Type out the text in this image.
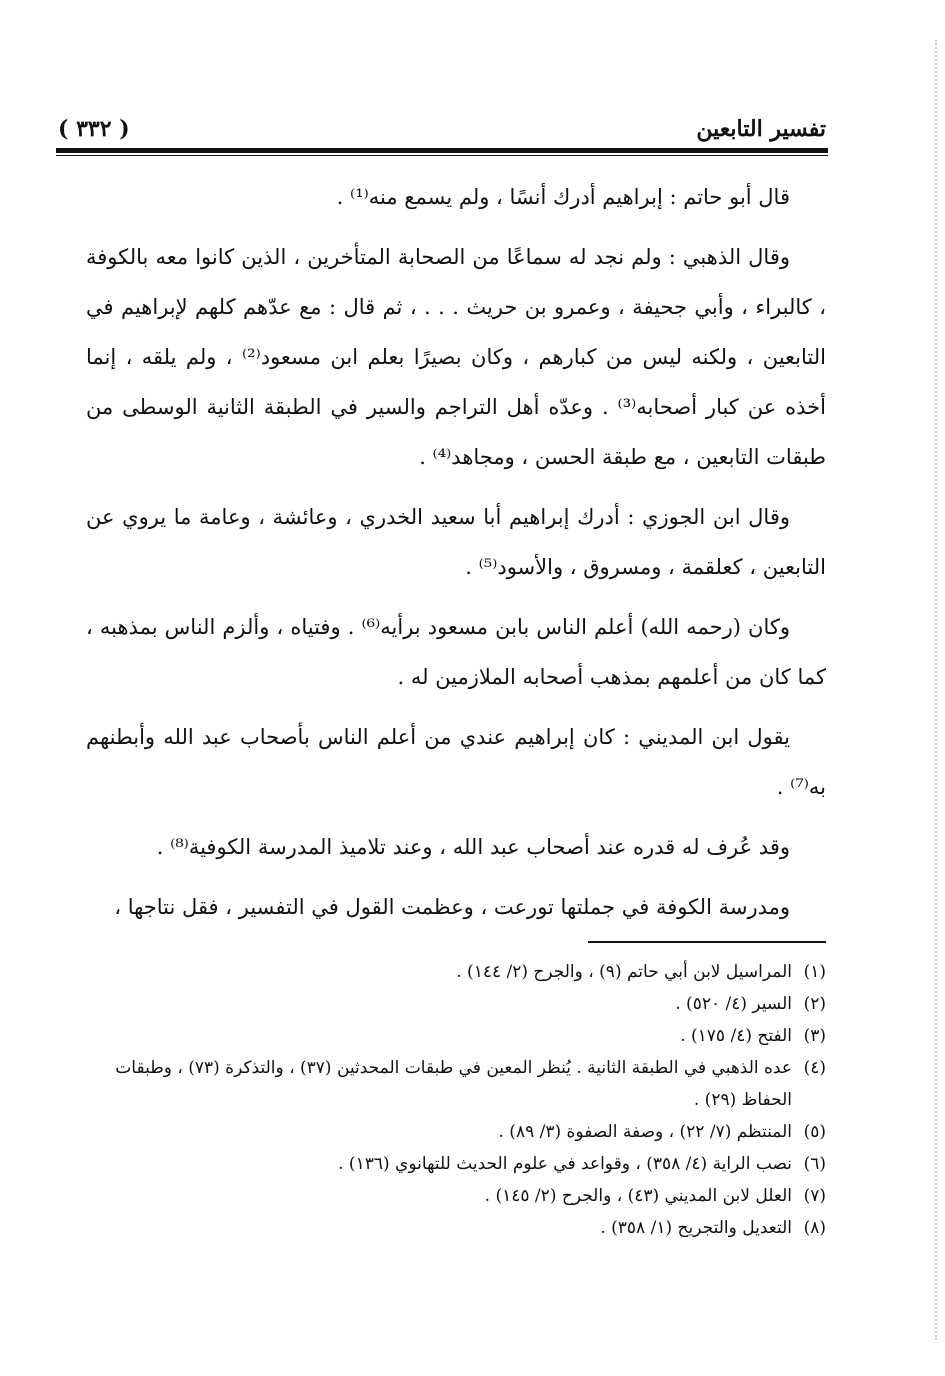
تفسير التابعين
( ٣٣٢ )

قال أبو حاتم : إبراهيم أدرك أنسًا ، ولم يسمع منه⁽¹⁾ .

وقال الذهبي : ولم نجد له سماعًا من الصحابة المتأخرين ، الذين كانوا معه بالكوفة ، كالبراء ، وأبي جحيفة ، وعمرو بن حريث . . . ، ثم قال : مع عدّهم كلهم لإبراهيم في التابعين ، ولكنه ليس من كبارهم ، وكان بصيرًا بعلم ابن مسعود⁽²⁾ ، ولم يلقه ، إنما أخذه عن كبار أصحابه⁽³⁾ . وعدّه أهل التراجم والسير في الطبقة الثانية الوسطى من طبقات التابعين ، مع طبقة الحسن ، ومجاهد⁽⁴⁾ .

وقال ابن الجوزي : أدرك إبراهيم أبا سعيد الخدري ، وعائشة ، وعامة ما يروي عن التابعين ، كعلقمة ، ومسروق ، والأسود⁽⁵⁾ .

وكان (رحمه الله) أعلم الناس بابن مسعود برأيه⁽⁶⁾ . وفتياه ، وألزم الناس بمذهبه ، كما كان من أعلمهم بمذهب أصحابه الملازمين له .

يقول ابن المديني : كان إبراهيم عندي من أعلم الناس بأصحاب عبد الله وأبطنهم به⁽⁷⁾ .

وقد عُرف له قدره عند أصحاب عبد الله ، وعند تلاميذ المدرسة الكوفية⁽⁸⁾ .

ومدرسة الكوفة في جملتها تورعت ، وعظمت القول في التفسير ، فقل نتاجها ،

(١)
المراسيل لابن أبي حاتم (٩) ، والجرح (٢/ ١٤٤) .
(٢)
السير (٤/ ٥٢٠) .
(٣)
الفتح (٤/ ١٧٥) .
(٤)
عده الذهبي في الطبقة الثانية . يُنظر المعين في طبقات المحدثين (٣٧) ، والتذكرة (٧٣) ، وطبقات الحفاظ (٢٩) .
(٥)
المنتظم (٧/ ٢٢) ، وصفة الصفوة (٣/ ٨٩) .
(٦)
نصب الراية (٤/ ٣٥٨) ، وقواعد في علوم الحديث للتهانوي (١٣٦) .
(٧)
العلل لابن المديني (٤٣) ، والجرح (٢/ ١٤٥) .
(٨)
التعديل والتجريح (١/ ٣٥٨) .
